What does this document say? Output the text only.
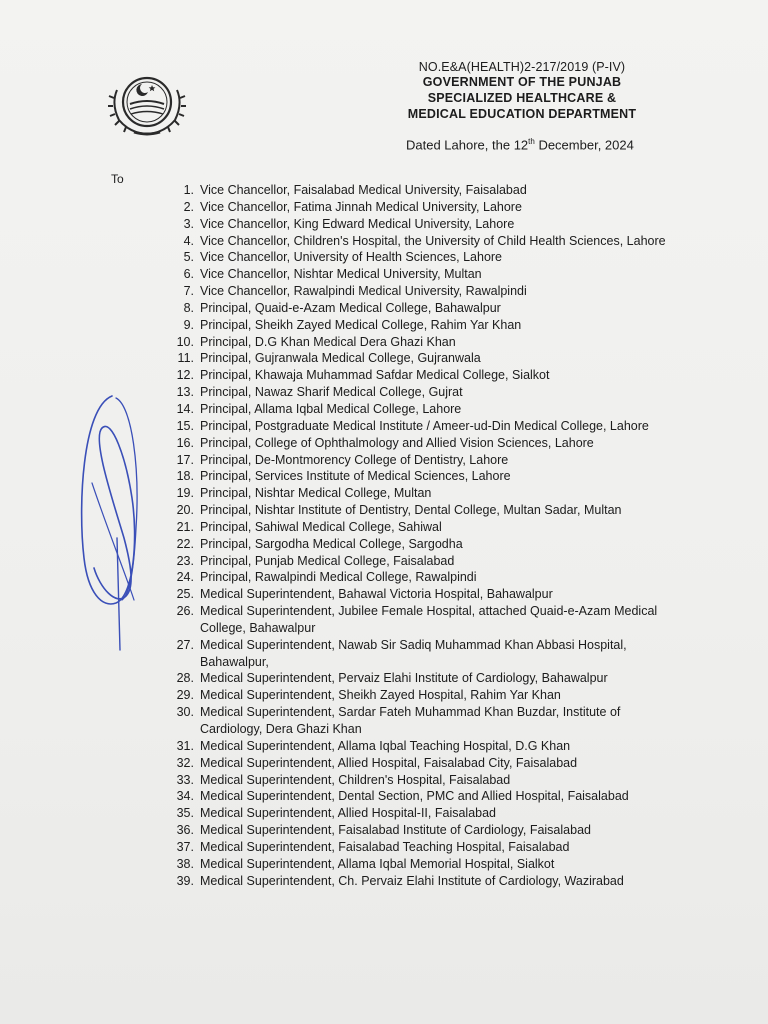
NO.E&A(HEALTH)2-217/2019 (P-IV)
GOVERNMENT OF THE PUNJAB
SPECIALIZED HEALTHCARE &
MEDICAL EDUCATION DEPARTMENT
Dated Lahore, the 12th December, 2024
To
1. Vice Chancellor, Faisalabad Medical University, Faisalabad
2. Vice Chancellor, Fatima Jinnah Medical University, Lahore
3. Vice Chancellor, King Edward Medical University, Lahore
4. Vice Chancellor, Children's Hospital, the University of Child Health Sciences, Lahore
5. Vice Chancellor, University of Health Sciences, Lahore
6. Vice Chancellor, Nishtar Medical University, Multan
7. Vice Chancellor, Rawalpindi Medical University, Rawalpindi
8. Principal, Quaid-e-Azam Medical College, Bahawalpur
9. Principal, Sheikh Zayed Medical College, Rahim Yar Khan
10. Principal, D.G Khan Medical Dera Ghazi Khan
11. Principal, Gujranwala Medical College, Gujranwala
12. Principal, Khawaja Muhammad Safdar Medical College, Sialkot
13. Principal, Nawaz Sharif Medical College, Gujrat
14. Principal, Allama Iqbal Medical College, Lahore
15. Principal, Postgraduate Medical Institute / Ameer-ud-Din Medical College, Lahore
16. Principal, College of Ophthalmology and Allied Vision Sciences, Lahore
17. Principal, De-Montmorency College of Dentistry, Lahore
18. Principal, Services Institute of Medical Sciences, Lahore
19. Principal, Nishtar Medical College, Multan
20. Principal, Nishtar Institute of Dentistry, Dental College, Multan Sadar, Multan
21. Principal, Sahiwal Medical College, Sahiwal
22. Principal, Sargodha Medical College, Sargodha
23. Principal, Punjab Medical College, Faisalabad
24. Principal, Rawalpindi Medical College, Rawalpindi
25. Medical Superintendent, Bahawal Victoria Hospital, Bahawalpur
26. Medical Superintendent, Jubilee Female Hospital, attached Quaid-e-Azam Medical College, Bahawalpur
27. Medical Superintendent, Nawab Sir Sadiq Muhammad Khan Abbasi Hospital, Bahawalpur,
28. Medical Superintendent, Pervaiz Elahi Institute of Cardiology, Bahawalpur
29. Medical Superintendent, Sheikh Zayed Hospital, Rahim Yar Khan
30. Medical Superintendent, Sardar Fateh Muhammad Khan Buzdar, Institute of Cardiology, Dera Ghazi Khan
31. Medical Superintendent, Allama Iqbal Teaching Hospital, D.G Khan
32. Medical Superintendent, Allied Hospital, Faisalabad City, Faisalabad
33. Medical Superintendent, Children's Hospital, Faisalabad
34. Medical Superintendent, Dental Section, PMC and Allied Hospital, Faisalabad
35. Medical Superintendent, Allied Hospital-II, Faisalabad
36. Medical Superintendent, Faisalabad Institute of Cardiology, Faisalabad
37. Medical Superintendent, Faisalabad Teaching Hospital, Faisalabad
38. Medical Superintendent, Allama Iqbal Memorial Hospital, Sialkot
39. Medical Superintendent, Ch. Pervaiz Elahi Institute of Cardiology, Wazirabad
